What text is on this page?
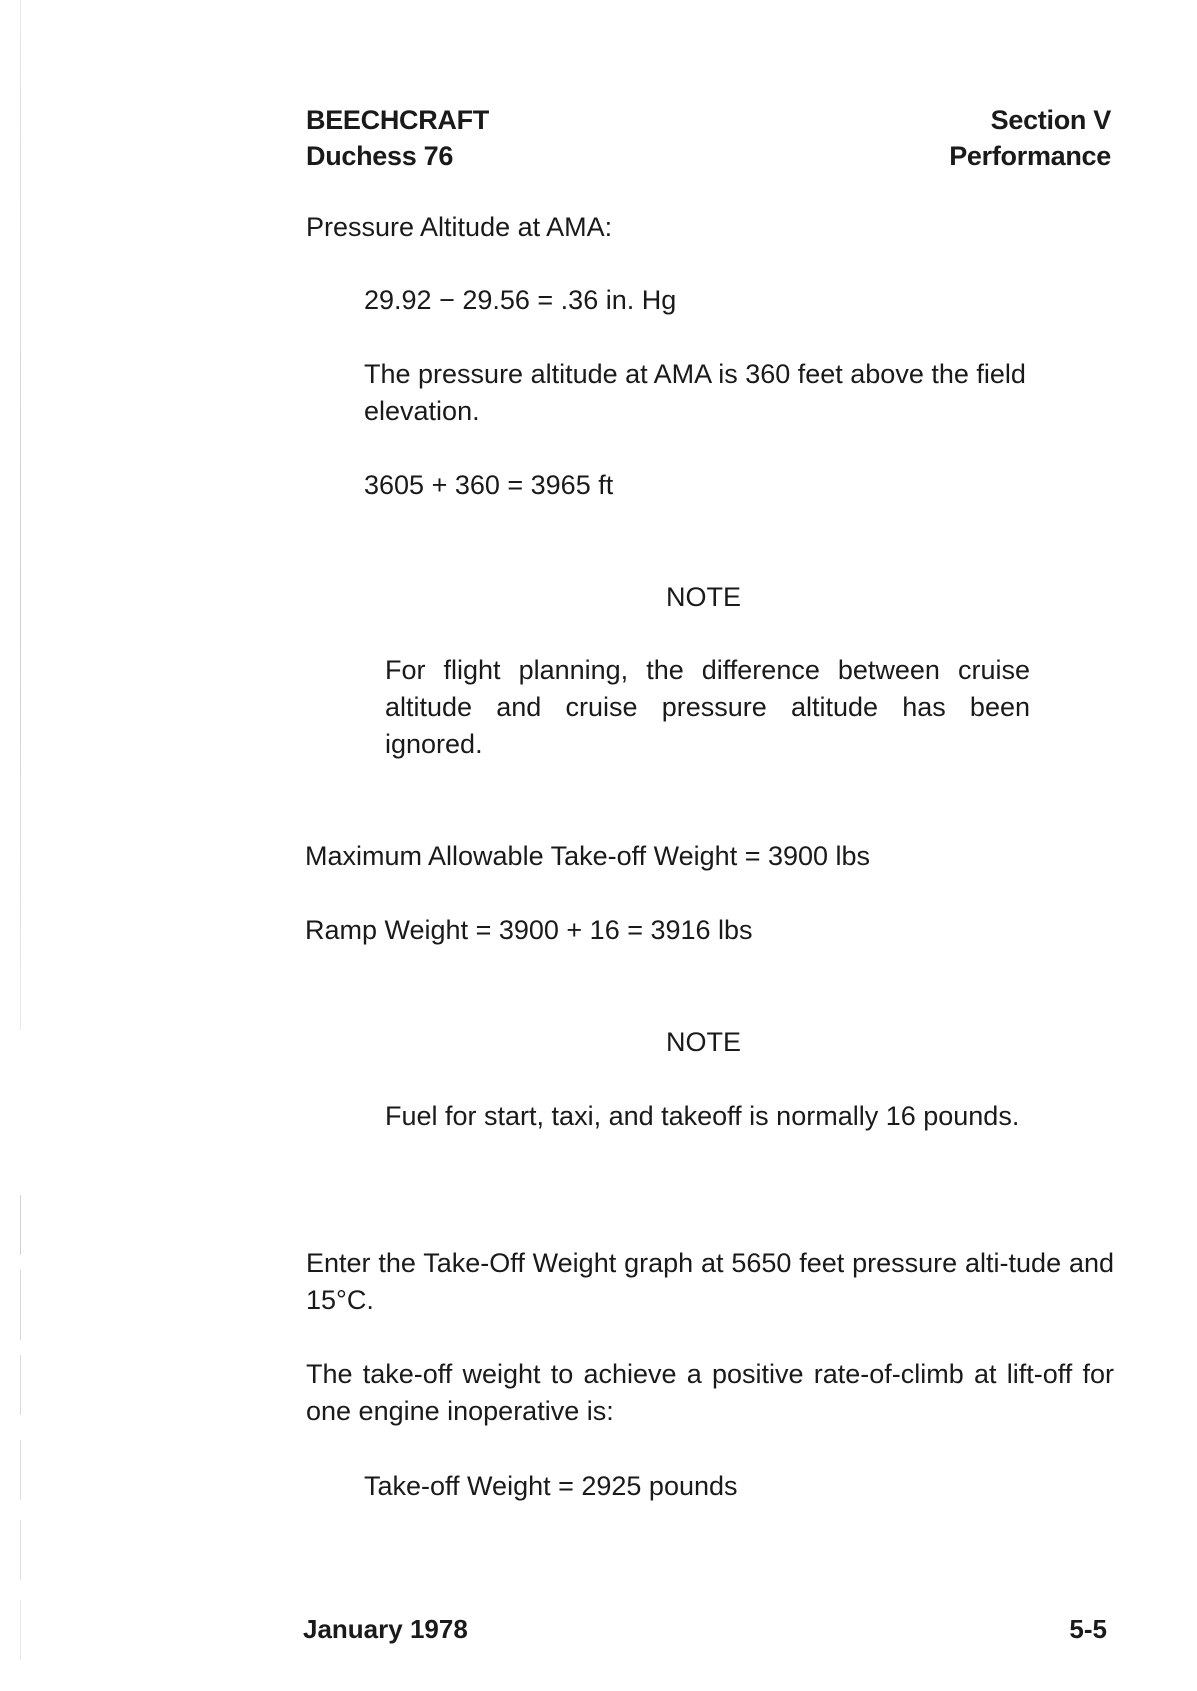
BEECHCRAFT
Duchess 76
Section V
Performance
Pressure Altitude at AMA:
29.92 − 29.56 = .36 in. Hg
The pressure altitude at AMA is 360 feet above the field elevation.
3605 + 360 = 3965 ft
NOTE
For flight planning, the difference between cruise altitude and cruise pressure altitude has been ignored.
Maximum Allowable Take-off Weight = 3900 lbs
Ramp Weight = 3900 + 16 = 3916 lbs
NOTE
Fuel for start, taxi, and takeoff is normally 16 pounds.
Enter the Take-Off Weight graph at 5650 feet pressure alti-tude and 15°C.
The take-off weight to achieve a positive rate-of-climb at lift-off for one engine inoperative is:
Take-off Weight = 2925 pounds
January 1978	5-5
